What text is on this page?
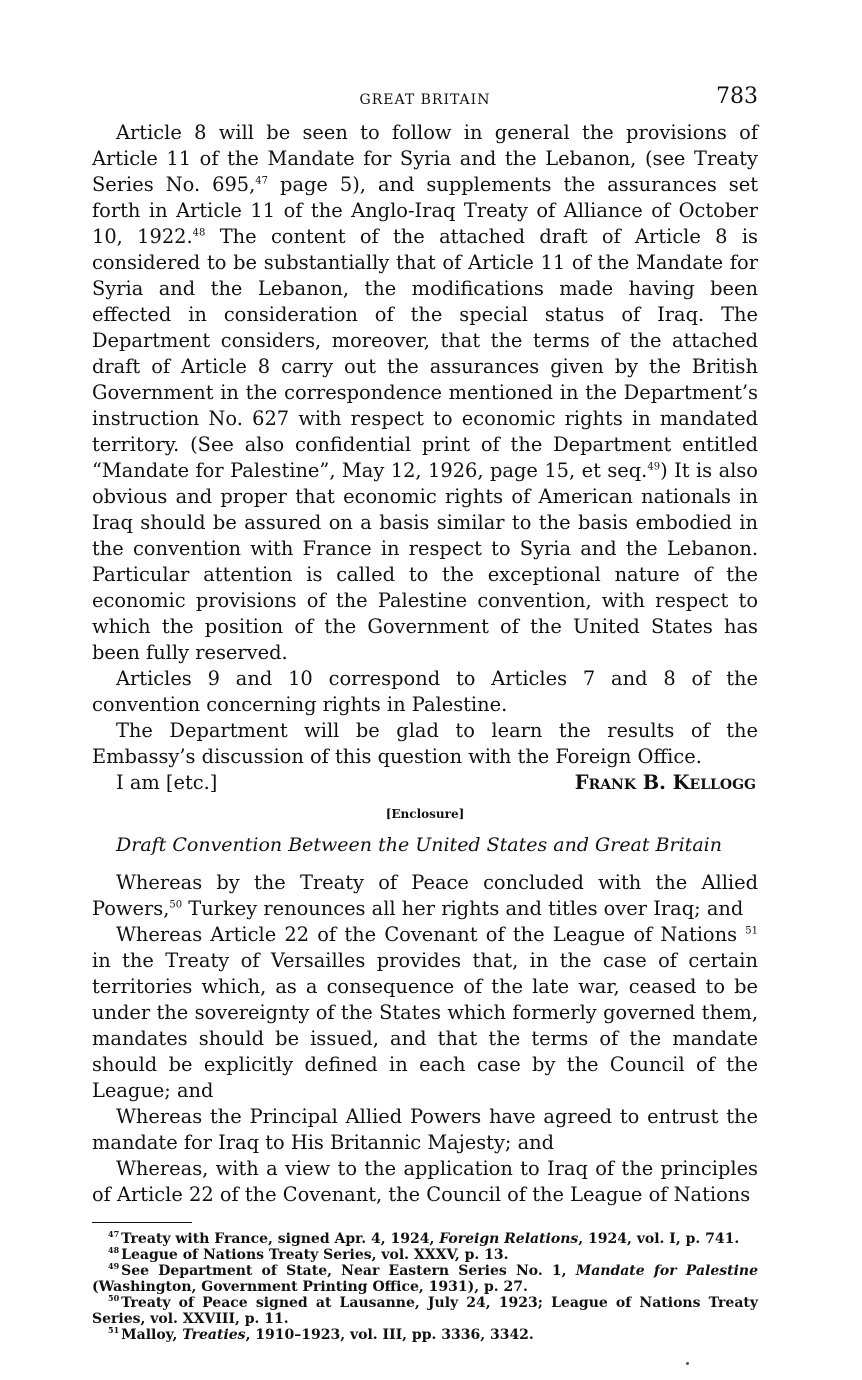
GREAT BRITAIN	783

Article 8 will be seen to follow in general the provisions of Article 11 of the Mandate for Syria and the Lebanon, (see Treaty Series No. 695,47 page 5), and supplements the assurances set forth in Article 11 of the Anglo-Iraq Treaty of Alliance of October 10, 1922.48 The content of the attached draft of Article 8 is considered to be substantially that of Article 11 of the Mandate for Syria and the Lebanon, the modifications made having been effected in consideration of the special status of Iraq. The Department considers, moreover, that the terms of the attached draft of Article 8 carry out the assurances given by the British Government in the correspondence mentioned in the Department’s instruction No. 627 with respect to economic rights in mandated territory. (See also confidential print of the Department entitled “Mandate for Palestine”, May 12, 1926, page 15, et seq.$^{49}$) It is also obvious and proper that economic rights of American nationals in Iraq should be assured on a basis similar to the basis embodied in the convention with France in respect to Syria and the Lebanon. Particular attention is called to the exceptional nature of the economic provisions of the Palestine convention, with respect to which the position of the Government of the United States has been fully reserved.

Articles 9 and 10 correspond to Articles 7 and 8 of the convention concerning rights in Palestine.

The Department will be glad to learn the results of the Embassy’s discussion of this question with the Foreign Office.

I am [etc.]	Frank B. Kellogg
[Enclosure]
Draft Convention Between the United States and Great Britain

Whereas by the Treaty of Peace concluded with the Allied Powers,$^{50}$ Turkey renounces all her rights and titles over Iraq; and

Whereas Article 22 of the Covenant of the League of Nations $^{51}$ in the Treaty of Versailles provides that, in the case of certain territories which, as a consequence of the late war, ceased to be under the sovereignty of the States which formerly governed them, mandates should be issued, and that the terms of the mandate should be explicitly defined in each case by the Council of the League; and

Whereas the Principal Allied Powers have agreed to entrust the mandate for Iraq to His Britannic Majesty; and

Whereas, with a view to the application to Iraq of the principles of Article 22 of the Covenant, the Council of the League of Nations

$^{47}$ Treaty with France, signed Apr. 4, 1924, Foreign Relations, 1924, vol. I, p. 741.

$^{48}$ League of Nations Treaty Series, vol. XXXV, p. 13.

$^{49}$ See Department of State, Near Eastern Series No. 1, Mandate for Palestine (Washington, Government Printing Office, 1931), p. 27.

$^{50}$ Treaty of Peace signed at Lausanne, July 24, 1923; League of Nations Treaty Series, vol. XXVIII, p. 11.

$^{51}$ Malloy, Treaties, 1910–1923, vol. III, pp. 3336, 3342.
